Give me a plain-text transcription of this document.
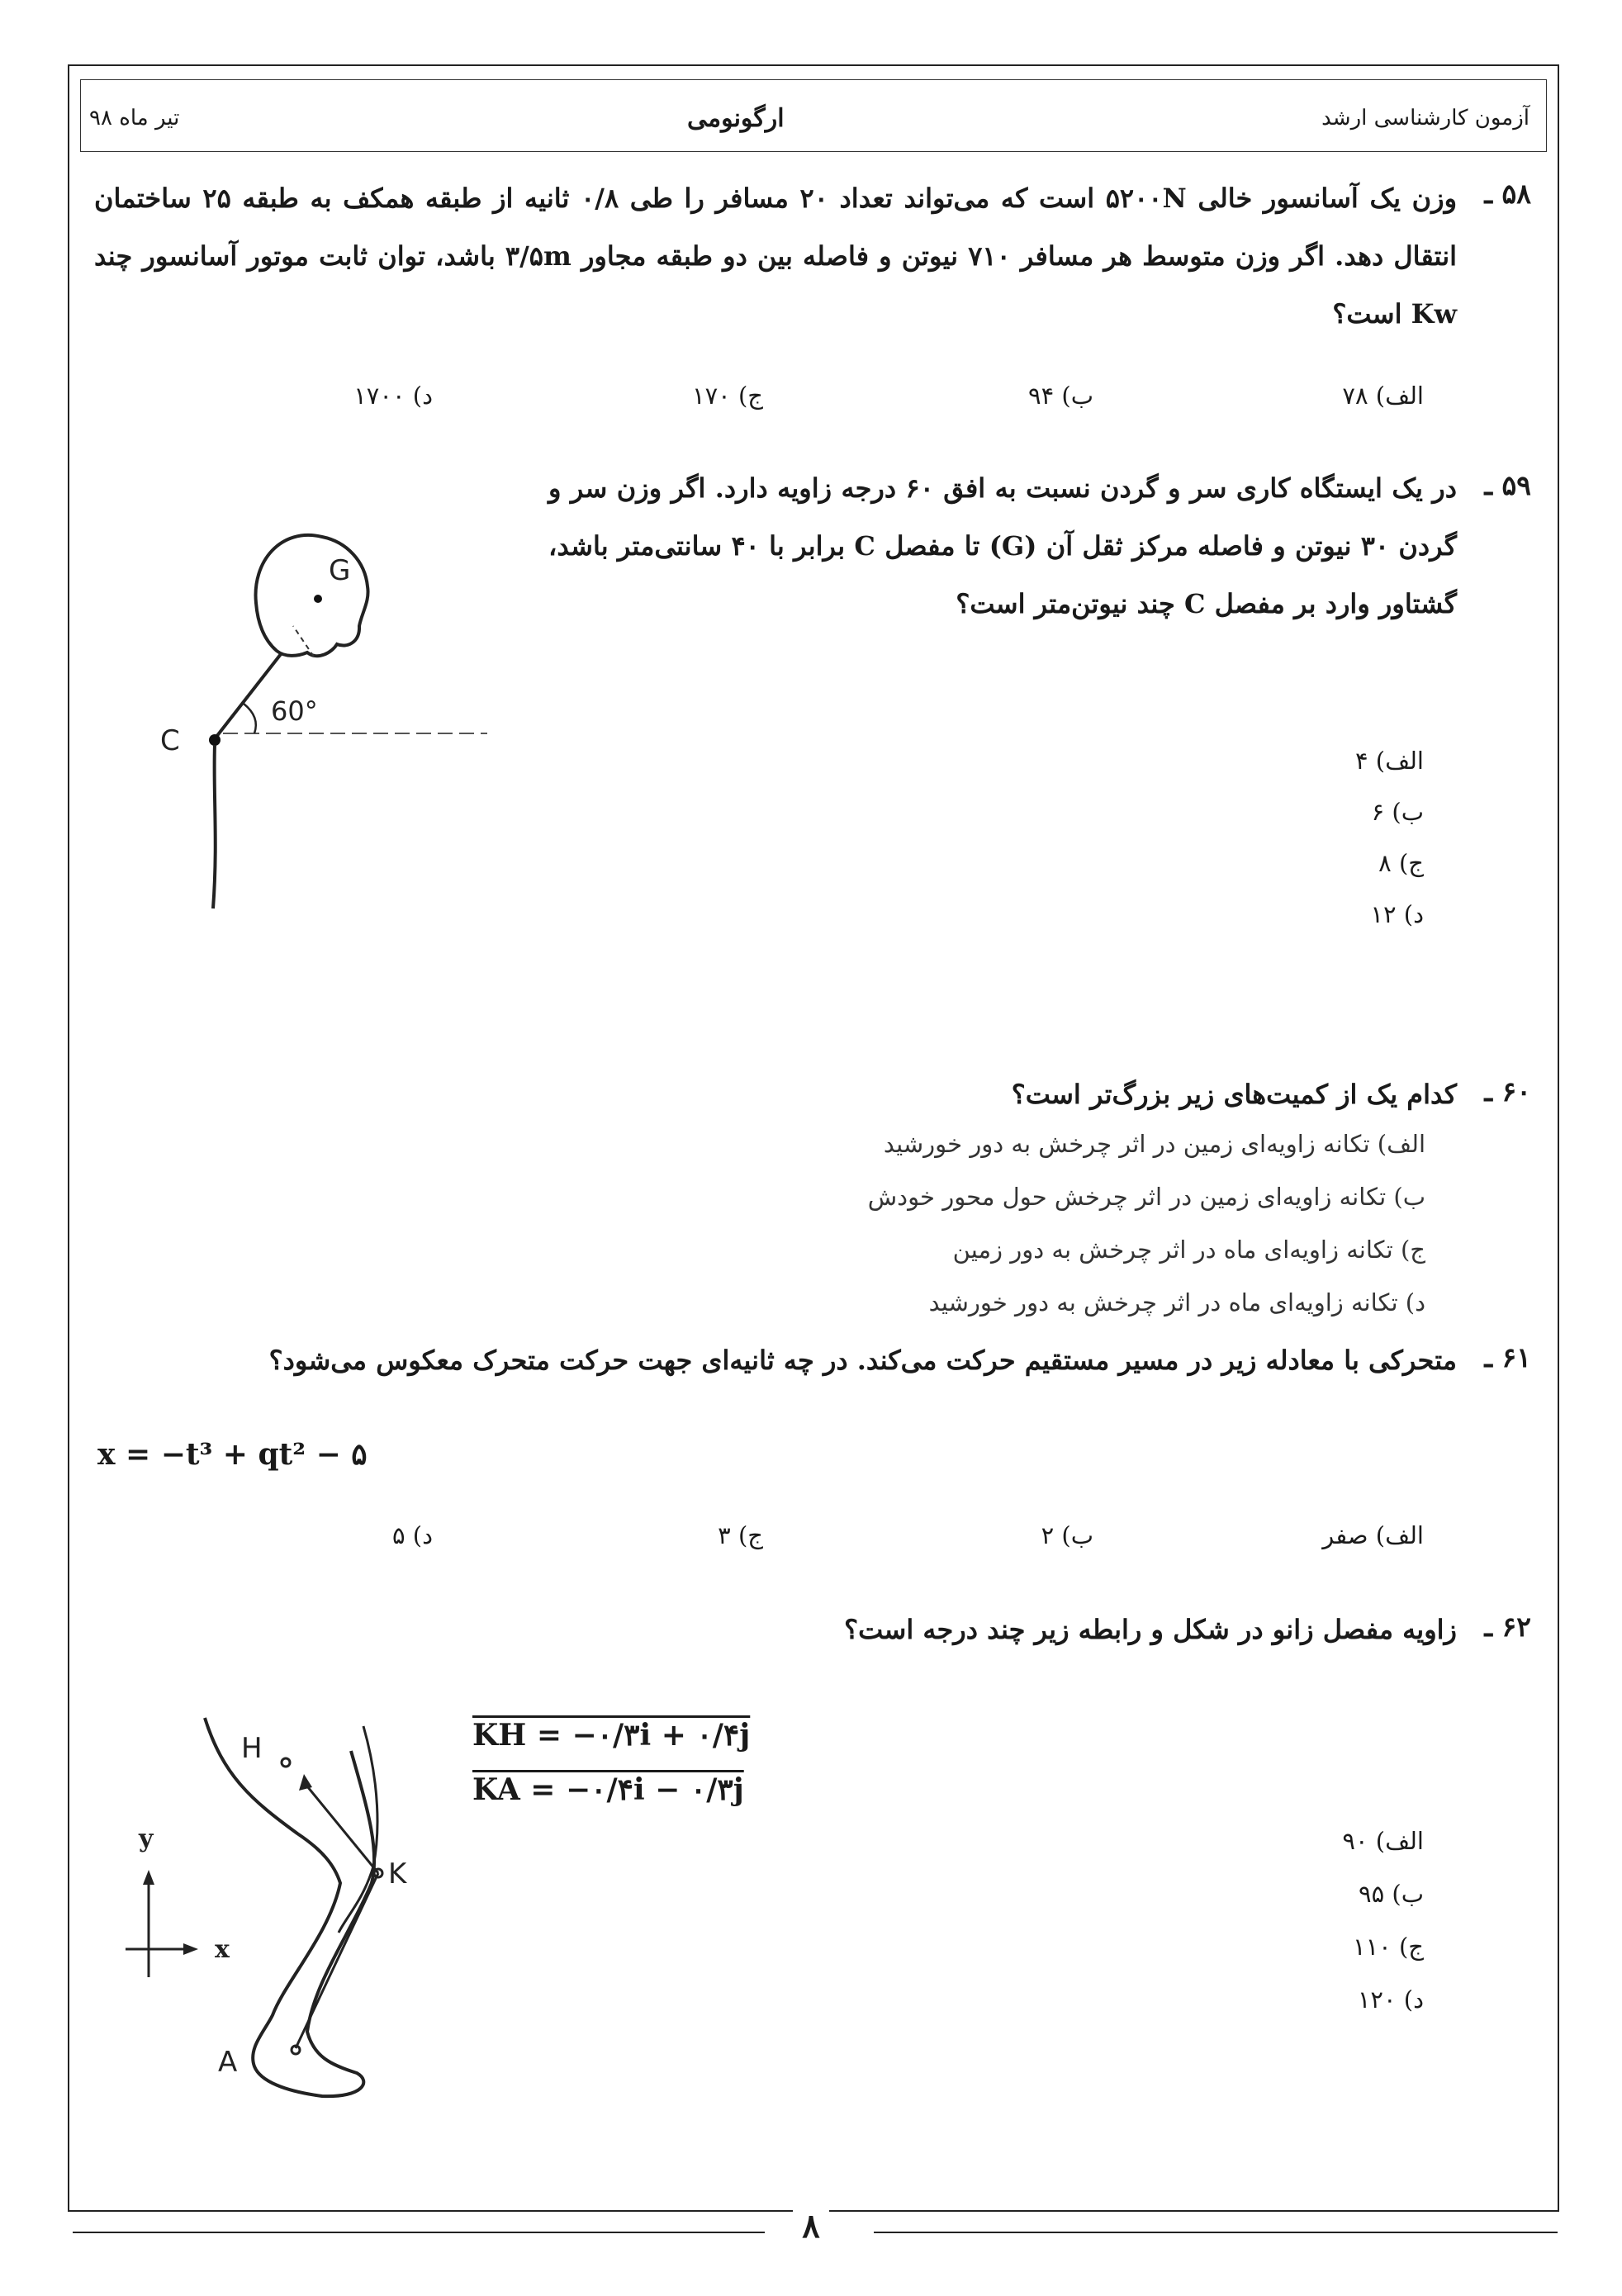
تیر ماه ۹۸	ارگونومی	آزمون کارشناسی ارشد
۵۸ ـ
وزن یک آسانسور خالی ۵۲۰۰N است که می‌تواند تعداد ۲۰ مسافر را طی ۰/۸ ثانیه از طبقه همکف به طبقه ۲۵ ساختمان انتقال دهد. اگر وزن متوسط هر مسافر ۷۱۰ نیوتن و فاصله بین دو طبقه مجاور ۳/۵m باشد، توان ثابت موتور آسانسور چند Kw است؟
الف) ۷۸
ب) ۹۴
ج) ۱۷۰
د) ۱۷۰۰
۵۹ ـ
در یک ایستگاه کاری سر و گردن نسبت به افق ۶۰ درجه زاویه دارد. اگر وزن سر و گردن ۳۰ نیوتن و فاصله مرکز ثقل آن (G) تا مفصل C برابر با ۴۰ سانتی‌متر باشد، گشتاور وارد بر مفصل C چند نیوتن‌متر است؟
الف) ۴
ب) ۶
ج) ۸
د) ۱۲
G
C
60°
۶۰ ـ
کدام یک از کمیت‌های زیر بزرگ‌تر است؟
الف) تکانه زاویه‌ای زمین در اثر چرخش به دور خورشید
ب) تکانه زاویه‌ای زمین در اثر چرخش حول محور خودش
ج) تکانه زاویه‌ای ماه در اثر چرخش به دور زمین
د) تکانه زاویه‌ای ماه در اثر چرخش به دور خورشید
۶۱ ـ
متحرکی با معادله زیر در مسیر مستقیم حرکت می‌کند. در چه ثانیه‌ای جهت حرکت متحرک معکوس می‌شود؟
x = −t³ + qt² − ۵
الف) صفر
ب) ۲
ج) ۳
د) ۵
۶۲ ـ
زاویه مفصل زانو در شکل و رابطه زیر چند درجه است؟
KH = −۰/۳i + ۰/۴j
KA = −۰/۴i − ۰/۳j
الف) ۹۰
ب) ۹۵
ج) ۱۱۰
د) ۱۲۰
H
K
A
y
x
۸
